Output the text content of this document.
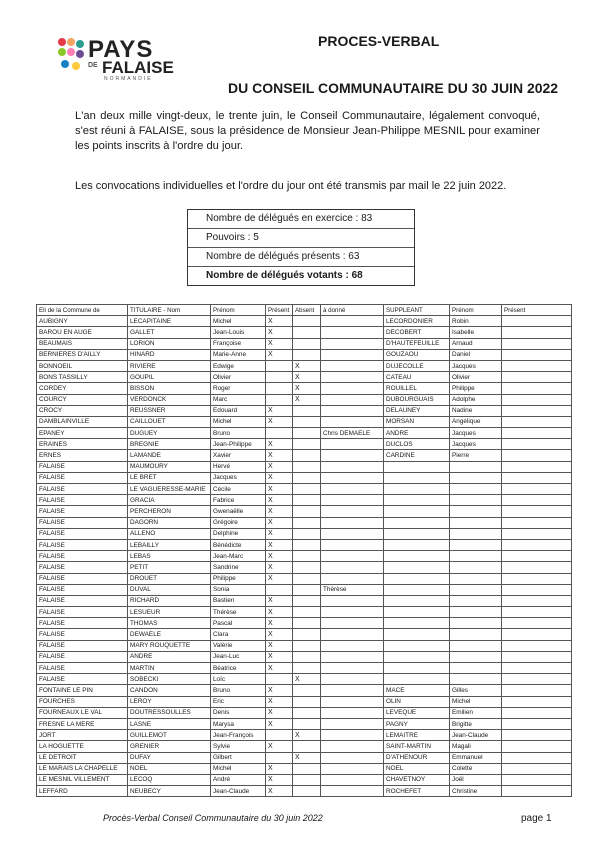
PAYS
DE FALAISE
NORMANDIE
PROCES-VERBAL
DU CONSEIL COMMUNAUTAIRE DU 30 JUIN 2022
L'an deux mille vingt-deux, le trente juin, le Conseil Communautaire, légalement convoqué, s'est réuni à FALAISE, sous la présidence de Monsieur Jean-Philippe MESNIL pour examiner les points inscrits à l'ordre du jour.
Les convocations individuelles et l'ordre du jour ont été transmis par mail le 22 juin 2022.
Nombre de délégués en exercice : 83
Pouvoirs : 5
Nombre de délégués présents : 63
Nombre de délégués votants : 68
Eli de la Commune de	TITULAIRE - Nom	Prénom	Présent	Absent	à donné	SUPPLEANT	Prénom	Présent
AUBIGNY	LECAPITAINE	Michel	X			LECORDONIER	Robin	
BAROU EN AUGE	GALLET	Jean-Louis	X			DECOBERT	Isabelle	
BEAUMAIS	LORION	Françoise	X			D'HAUTEFEUILLE	Arnaud	
BERNIERES D'AILLY	HINARD	Marie-Anne	X			GOUZAOU	Daniel	
BONNOEIL	RIVIERE	Edwige		X		DUJECOLLE	Jacques	
BONS TASSILLY	GOUPIL	Olivier		X		CATEAU	Olivier	
CORDEY	BISSON	Roger		X		ROUILLEL	Philippe	
COURCY	VERDONCK	Marc		X		DUBOURGUAIS	Adolphe	
CROCY	REUSSNER	Edouard	X			DELAUNEY	Nadine	
DAMBLAINVILLE	CAILLOUET	Michel	X			MORSAN	Angélique	
EPANEY	DUGUEY	Bruno			Chris DEMAELE	ANDRE	Jacques	
ERAINES	BREGNIE	Jean-Philippe	X			DUCLOS	Jacques	
ERNES	LAMANDE	Xavier	X			CARDINE	Pierre	
FALAISE	MAUMOURY	Hervé	X					
FALAISE	LE BRET	Jacques	X					
FALAISE	LE VAGUERESSE-MARIE	Cécile	X					
FALAISE	GRACIA	Fabrice	X					
FALAISE	PERCHERON	Gwenaëlle	X					
FALAISE	DAGORN	Grégoire	X					
FALAISE	ALLENO	Delphine	X					
FALAISE	LEBAILLY	Bénédicte	X					
FALAISE	LEBAS	Jean-Marc	X					
FALAISE	PETIT	Sandrine	X					
FALAISE	DROUET	Philippe	X					
FALAISE	DUVAL	Sonia			Thérèse			
FALAISE	RICHARD	Bastien	X					
FALAISE	LESUEUR	Thérèse	X					
FALAISE	THOMAS	Pascal	X					
FALAISE	DEWAELE	Clara	X					
FALAISE	MARY ROUQUETTE	Valérie	X					
FALAISE	ANDRE	Jean-Luc	X					
FALAISE	MARTIN	Béatrice	X					
FALAISE	SOBECKI	Loïc		X				
FONTAINE LE PIN	CANDON	Bruno	X			MACE	Gilles	
FOURCHES	LEROY	Eric	X			OLIN	Michel	
FOURNEAUX LE VAL	DOUTRESSOULLES	Denis	X			LEVEQUE	Emilien	
FRESNE LA MERE	LASNE	Marysa	X			PAGNY	Brigitte	
JORT	GUILLEMOT	Jean-François		X		LEMAITRE	Jean-Claude	
LA HOGUETTE	GRENIER	Sylvie	X			SAINT-MARTIN	Magali	
LE DETROIT	DUFAY	Gilbert		X		D'ATHENOUR	Emmanuel	
LE MARAIS LA CHAPELLE	NOEL	Michel	X			NOEL	Colette	
LE MESNIL VILLEMENT	LECOQ	André	X			CHAVETNOY	Joël	
LEFFARD	NEUBECY	Jean-Claude	X			ROCHEFET	Christine	
Procès-Verbal Conseil Communautaire du 30 juin 2022	page 1
